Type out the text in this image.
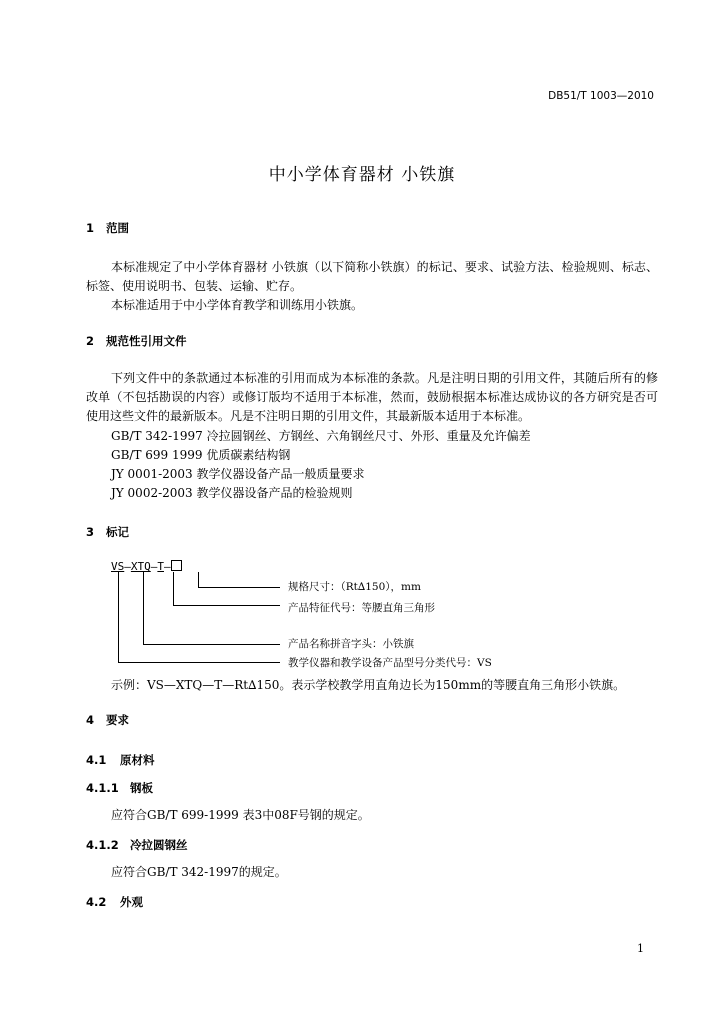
DB51/T 1003—2010
中小学体育器材 小铁旗
1 范围

本标准规定了中小学体育器材 小铁旗（以下简称小铁旗）的标记、要求、试验方法、检验规则、标志、标签、使用说明书、包装、运输、贮存。

本标准适用于中小学体育教学和训练用小铁旗。

2 规范性引用文件

下列文件中的条款通过本标准的引用而成为本标准的条款。凡是注明日期的引用文件，其随后所有的修改单（不包括勘误的内容）或修订版均不适用于本标准，然而，鼓励根据本标准达成协议的各方研究是否可使用这些文件的最新版本。凡是不注明日期的引用文件，其最新版本适用于本标准。

GB/T 342-1997 冷拉圆钢丝、方钢丝、六角钢丝尺寸、外形、重量及允许偏差
GB/T 699 1999 优质碳素结构钢
JY 0001-2003 教学仪器设备产品一般质量要求
JY 0002-2003 教学仪器设备产品的检验规则
3 标记
VS—XTQ—T—
规格尺寸：（Rt∆150），mm
产品特征代号：等腰直角三角形
产品名称拼音字头：小铁旗
教学仪器和教学设备产品型号分类代号：VS
示例：VS—XTQ—T—Rt∆150。表示学校教学用直角边长为150mm的等腰直角三角形小铁旗。
4 要求
4.1 原材料
4.1.1 钢板
应符合GB/T 699-1999 表3中08F号钢的规定。
4.1.2 冷拉圆钢丝
应符合GB/T 342-1997的规定。
4.2 外观
1
